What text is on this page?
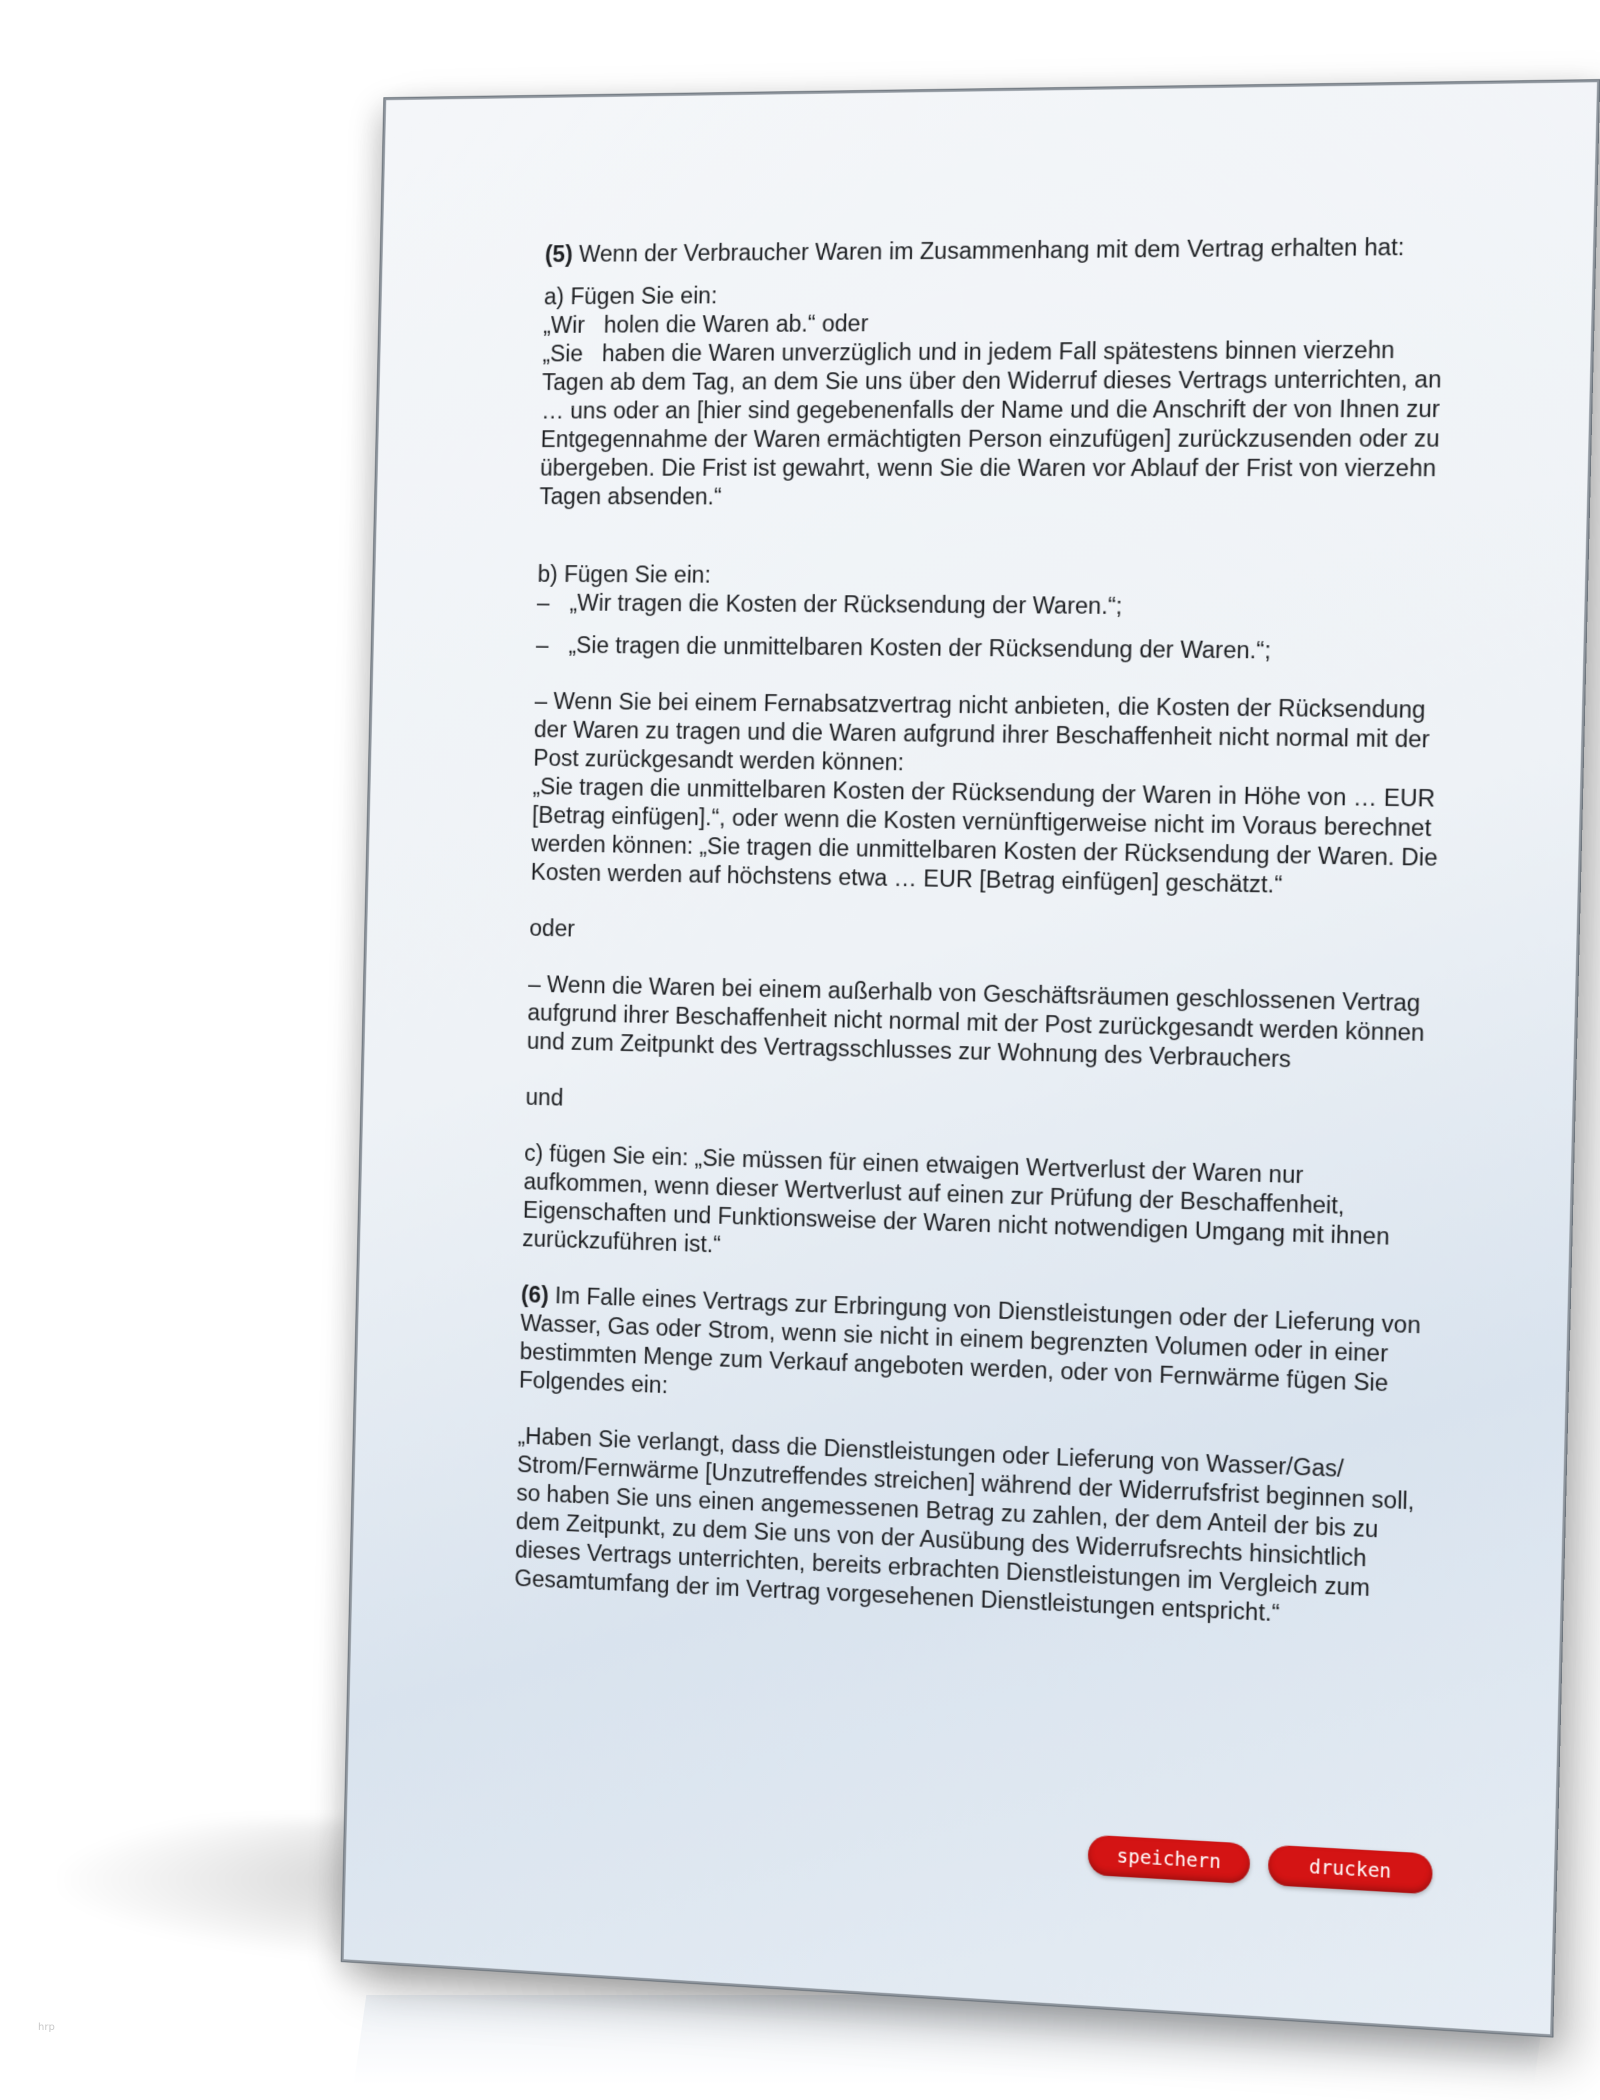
(5) Wenn der Verbraucher Waren im Zusammenhang mit dem Vertrag erhalten hat:

a) Fügen Sie ein:

„Wir   holen die Waren ab.“ oder

„Sie   haben die Waren unverzüglich und in jedem Fall spätestens binnen vierzehn Tagen ab dem Tag, an dem Sie uns über den Widerruf dieses Vertrags unterrichten, an … uns oder an [hier sind gegebenenfalls der Name und die Anschrift der von Ihnen zur Entgegennahme der Waren ermächtigten Person einzufügen] zurückzusenden oder zu übergeben. Die Frist ist gewahrt, wenn Sie die Waren vor Ablauf der Frist von vierzehn Tagen absenden.“

b) Fügen Sie ein:

– „Wir tragen die Kosten der Rücksendung der Waren.“;
– „Sie tragen die unmittelbaren Kosten der Rücksendung der Waren.“;

– Wenn Sie bei einem Fernabsatzvertrag nicht anbieten, die Kosten der Rücksendung der Waren zu tragen und die Waren aufgrund ihrer Beschaffenheit nicht normal mit der Post zurückgesandt werden können:

„Sie tragen die unmittelbaren Kosten der Rücksendung der Waren in Höhe von … EUR [Betrag einfügen].“, oder wenn die Kosten vernünftigerweise nicht im Voraus berechnet werden können: „Sie tragen die unmittelbaren Kosten der Rücksendung der Waren. Die Kosten werden auf höchstens etwa … EUR [Betrag einfügen] geschätzt.“

oder

– Wenn die Waren bei einem außerhalb von Geschäftsräumen geschlossenen Vertrag aufgrund ihrer Beschaffenheit nicht normal mit der Post zurückgesandt werden können und zum Zeitpunkt des Vertragsschlusses zur Wohnung des Verbrauchers

und

c) fügen Sie ein: „Sie müssen für einen etwaigen Wertverlust der Waren nur aufkommen, wenn dieser Wertverlust auf einen zur Prüfung der Beschaffenheit, Eigenschaften und Funktionsweise der Waren nicht notwendigen Umgang mit ihnen zurückzuführen ist.“

(6) Im Falle eines Vertrags zur Erbringung von Dienstleistungen oder der Lieferung von Wasser, Gas oder Strom, wenn sie nicht in einem begrenzten Volumen oder in einer bestimmten Menge zum Verkauf angeboten werden, oder von Fernwärme fügen Sie Folgendes ein:

„Haben Sie verlangt, dass die Dienstleistungen oder Lieferung von Wasser/Gas/ Strom/Fernwärme [Unzutreffendes streichen] während der Widerrufsfrist beginnen soll, so haben Sie uns einen angemessenen Betrag zu zahlen, der dem Anteil der bis zu dem Zeitpunkt, zu dem Sie uns von der Ausübung des Widerrufsrechts hinsichtlich dieses Vertrags unterrichten, bereits erbrachten Dienstleistungen im Vergleich zum Gesamtumfang der im Vertrag vorgesehenen Dienstleistungen entspricht.“

speichern	drucken
hrp
